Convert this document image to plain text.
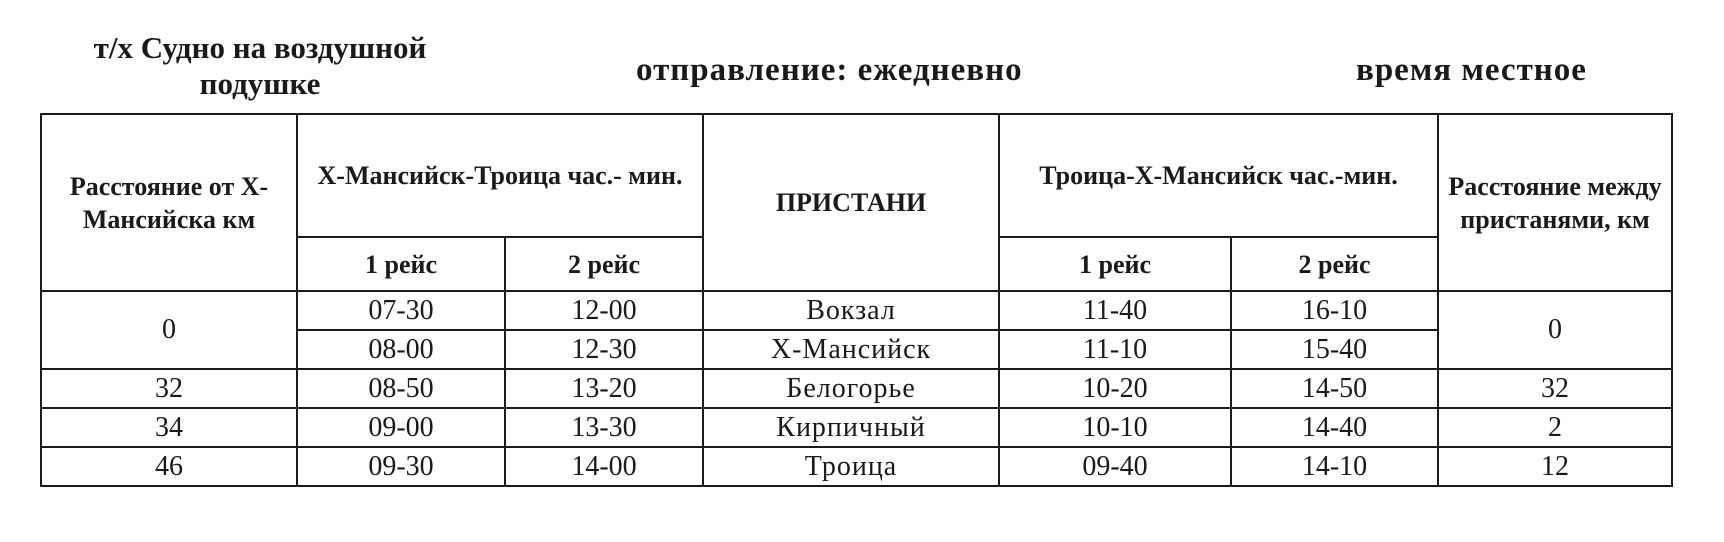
т/х Судно на воздушной подушке	отправление: ежедневно	время местное
Расстояние от Х-Мансийска км	Х-Мансийск-Троица час.- мин.		ПРИСТАНИ	Троица-Х-Мансийск час.-мин.		Расстояние между пристанями, км
	1 рейс	2 рейс		1 рейс	2 рейс	
0	07-30	12-00	Вокзал	11-40	16-10	0
	08-00	12-30	Х-Мансийск	11-10	15-40	
32	08-50	13-20	Белогорье	10-20	14-50	32
34	09-00	13-30	Кирпичный	10-10	14-40	2
46	09-30	14-00	Троица	09-40	14-10	12
